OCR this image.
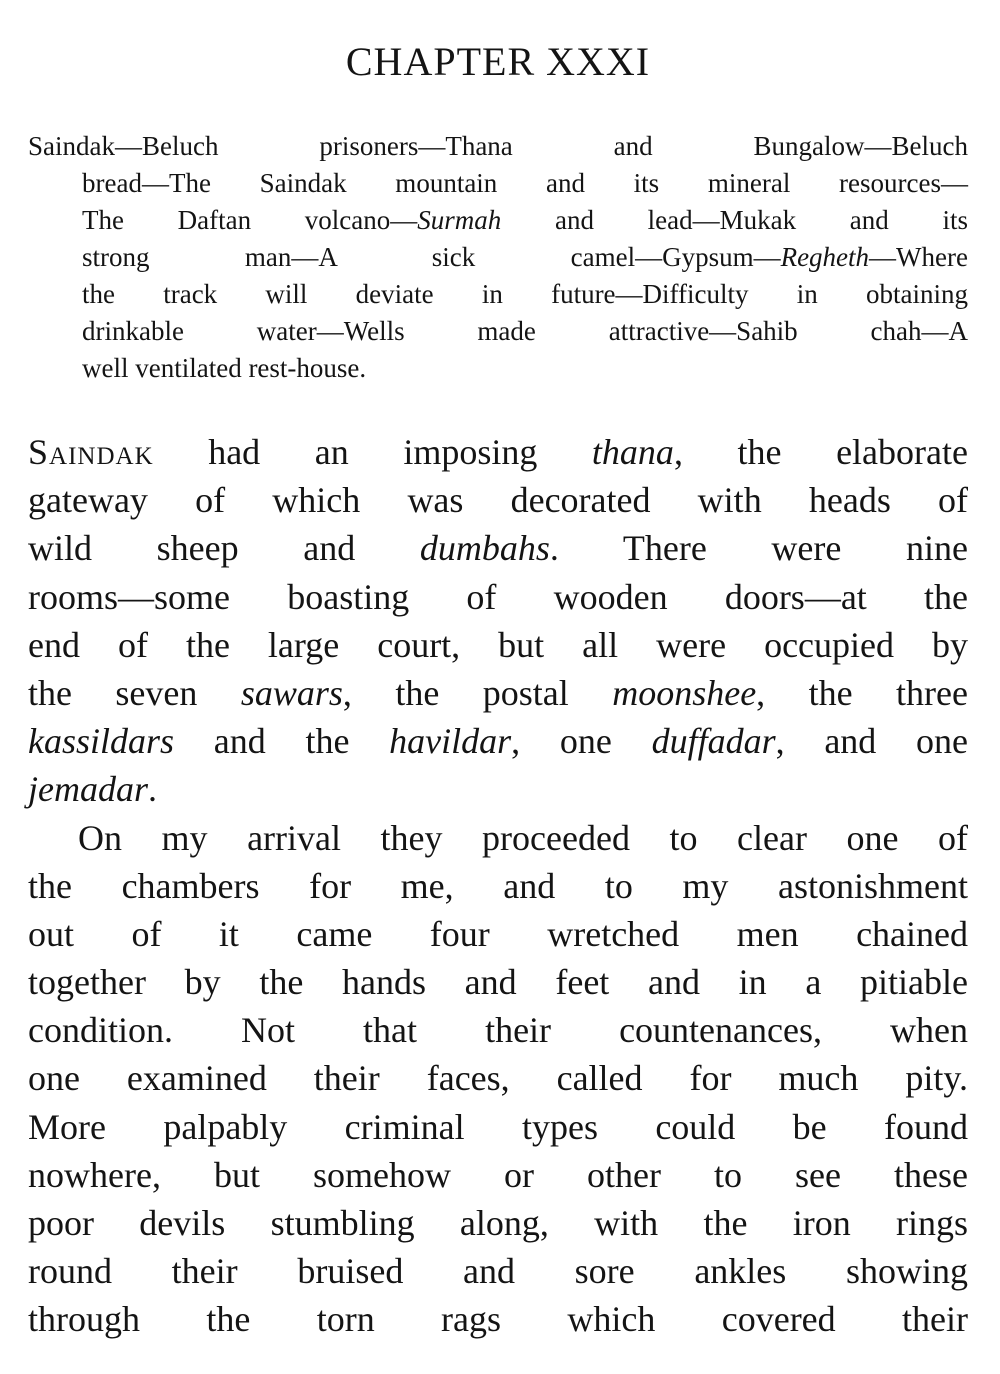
CHAPTER XXXI
Saindak—Beluch prisoners—Thana and Bungalow—Beluch
bread—The Saindak mountain and its mineral resources—
The Daftan volcano—Surmah and lead—Mukak and its
strong man—A sick camel—Gypsum—Regheth—Where
the track will deviate in future—Difficulty in obtaining
drinkable water—Wells made attractive—Sahib chah—A
well ventilated rest-house.
Saindak had an imposing thana, the elaborate
gateway of which was decorated with heads of
wild sheep and dumbahs. There were nine
rooms—some boasting of wooden doors—at the
end of the large court, but all were occupied by
the seven sawars, the postal moonshee, the three
kassildars and the havildar, one duffadar, and one
jemadar.
On my arrival they proceeded to clear one of
the chambers for me, and to my astonishment
out of it came four wretched men chained
together by the hands and feet and in a pitiable
condition. Not that their countenances, when
one examined their faces, called for much pity.
More palpably criminal types could be found
nowhere, but somehow or other to see these
poor devils stumbling along, with the iron rings
round their bruised and sore ankles showing
through the torn rags which covered their
